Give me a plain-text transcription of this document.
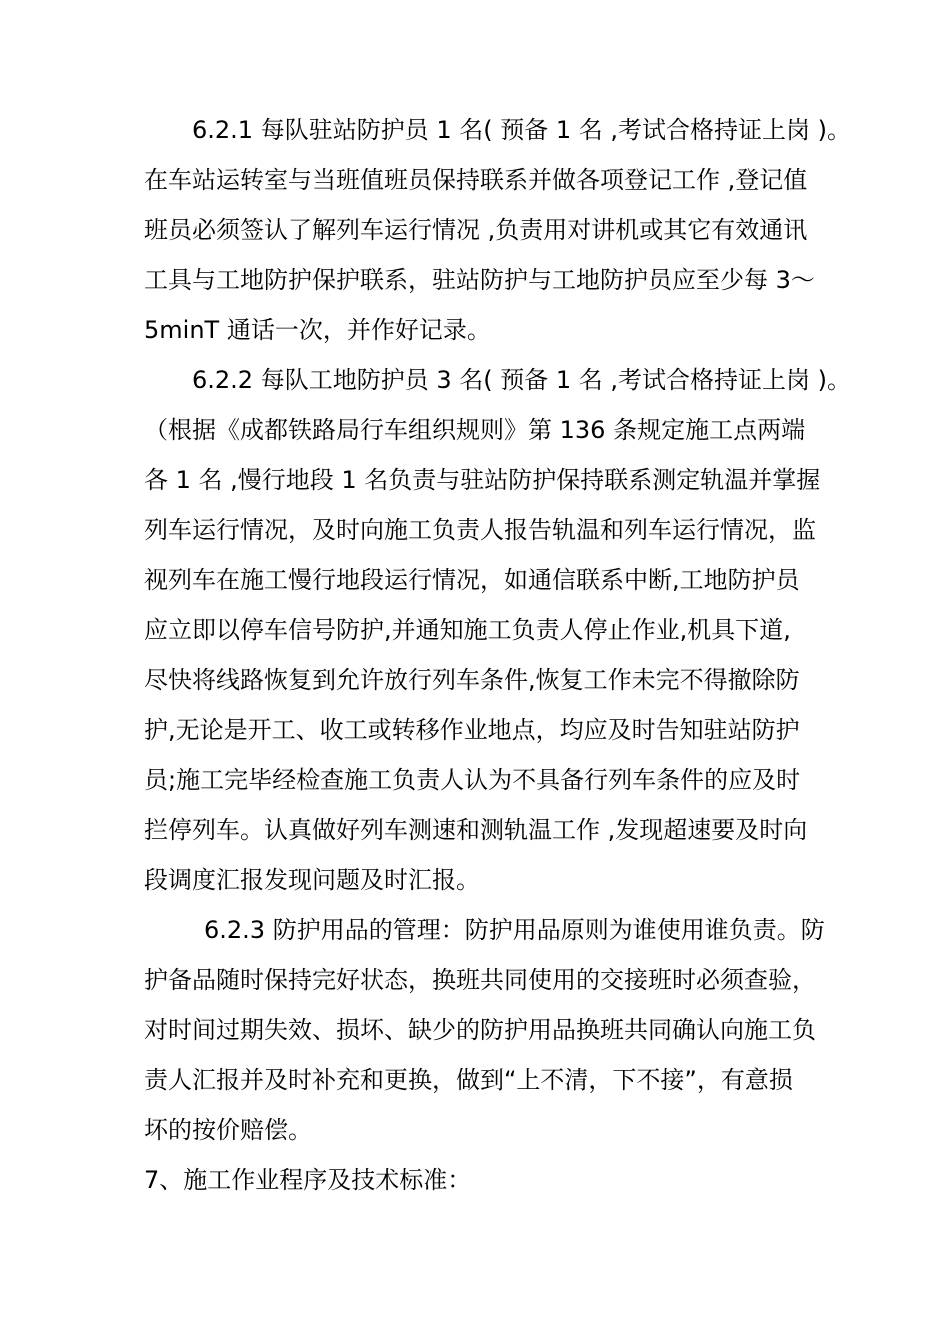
6.2.1 每队驻站防护员 1 名( 预备 1 名 ,考试合格持证上岗 )。
在车站运转室与当班值班员保持联系并做各项登记工作 ,登记值
班员必须签认了解列车运行情况 ,负责用对讲机或其它有效通讯
工具与工地防护保护联系，驻站防护与工地防护员应至少每 3～
5minT 通话一次，并作好记录。
6.2.2 每队工地防护员 3 名( 预备 1 名 ,考试合格持证上岗 )。
（根据《成都铁路局行车组织规则》第 136 条规定施工点两端
各 1 名 ,慢行地段 1 名负责与驻站防护保持联系测定轨温并掌握
列车运行情况，及时向施工负责人报告轨温和列车运行情况，监
视列车在施工慢行地段运行情况，如通信联系中断,工地防护员
应立即以停车信号防护,并通知施工负责人停止作业,机具下道,
尽快将线路恢复到允许放行列车条件,恢复工作未完不得撤除防
护,无论是开工、收工或转移作业地点，均应及时告知驻站防护
员;施工完毕经检查施工负责人认为不具备行列车条件的应及时
拦停列车。认真做好列车测速和测轨温工作 ,发现超速要及时向
段调度汇报发现问题及时汇报。
6.2.3 防护用品的管理：防护用品原则为谁使用谁负责。防
护备品随时保持完好状态，换班共同使用的交接班时必须查验，
对时间过期失效、损坏、缺少的防护用品换班共同确认向施工负
责人汇报并及时补充和更换，做到“上不清，下不接”，有意损
坏的按价赔偿。
7、施工作业程序及技术标准：
